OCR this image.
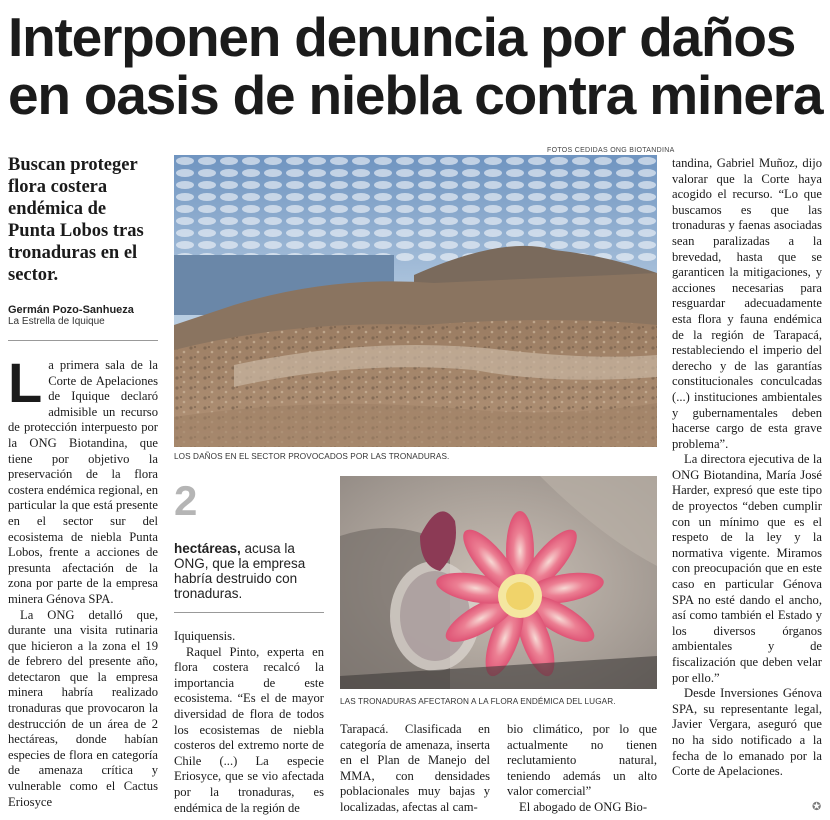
Interponen denuncia por daños en oasis de niebla contra minera
FOTOS CEDIDAS ONG BIOTANDINA

Buscan proteger flora costera endémica de Punta Lobos tras tronaduras en el sector.

Germán Pozo-Sanhueza
La Estrella de Iquique

L a primera sala de la Corte de Apelaciones de Iquique declaró admisible un recurso de protección interpuesto por la ONG Biotandina, que tiene por objetivo la preservación de la flora costera endémica regional, en particular la que está presente en el sector sur del ecosistema de niebla Punta Lobos, frente a acciones de presunta afectación de la zona por parte de la empresa minera Génova SPA.

La ONG detalló que, durante una visita rutinaria que hicieron a la zona el 19 de febrero del presente año, detectaron que la empresa minera habría realizado tronaduras que provocaron la destrucción de un área de 2 hectáreas, donde habían especies de flora en categoría de amenaza crítica y vulnerable como el Cactus Eriosyce

LOS DAÑOS EN EL SECTOR PROVOCADOS POR LAS TRONADURAS.
2
hectáreas, acusa la ONG, que la empresa habría destruido con tronaduras.

Iquiquensis.

Raquel Pinto, experta en flora costera recalcó la importancia de este ecosistema. “Es el de mayor diversidad de flora de todos los ecosistemas de niebla costeros del extremo norte de Chile (...) La especie Eriosyce, que se vio afectada por la tronaduras, es endémica de la región de

LAS TRONADURAS AFECTARON A LA FLORA ENDÉMICA DEL LUGAR.

Tarapacá. Clasificada en categoría de amenaza, inserta en el Plan de Manejo del MMA, con densidades poblacionales muy bajas y localizadas, afectas al cam-

bio climático, por lo que actualmente no tienen reclutamiento natural, teniendo además un alto valor comercial”

El abogado de ONG Bio-

tandina, Gabriel Muñoz, dijo valorar que la Corte haya acogido el recurso. “Lo que buscamos es que las tronaduras y faenas asociadas sean paralizadas a la brevedad, hasta que se garanticen la mitigaciones, y acciones necesarias para resguardar adecuadamente esta flora y fauna endémica de la región de Tarapacá, restableciendo el imperio del derecho y de las garantías constitucionales conculcadas (...) instituciones ambientales y gubernamentales deben hacerse cargo de esta grave problema”.

La directora ejecutiva de la ONG Biotandina, María José Harder, expresó que este tipo de proyectos “deben cumplir con un mínimo que es el respeto de la ley y la normativa vigente. Miramos con preocupación que en este caso en particular Génova SPA no esté dando el ancho, así como también el Estado y los diversos órganos ambientales y de fiscalización que deben velar por ello.”

Desde Inversiones Génova SPA, su representante legal, Javier Vergara, aseguró que no ha sido notificado a la fecha de lo emanado por la Corte de Apelaciones.

✪
